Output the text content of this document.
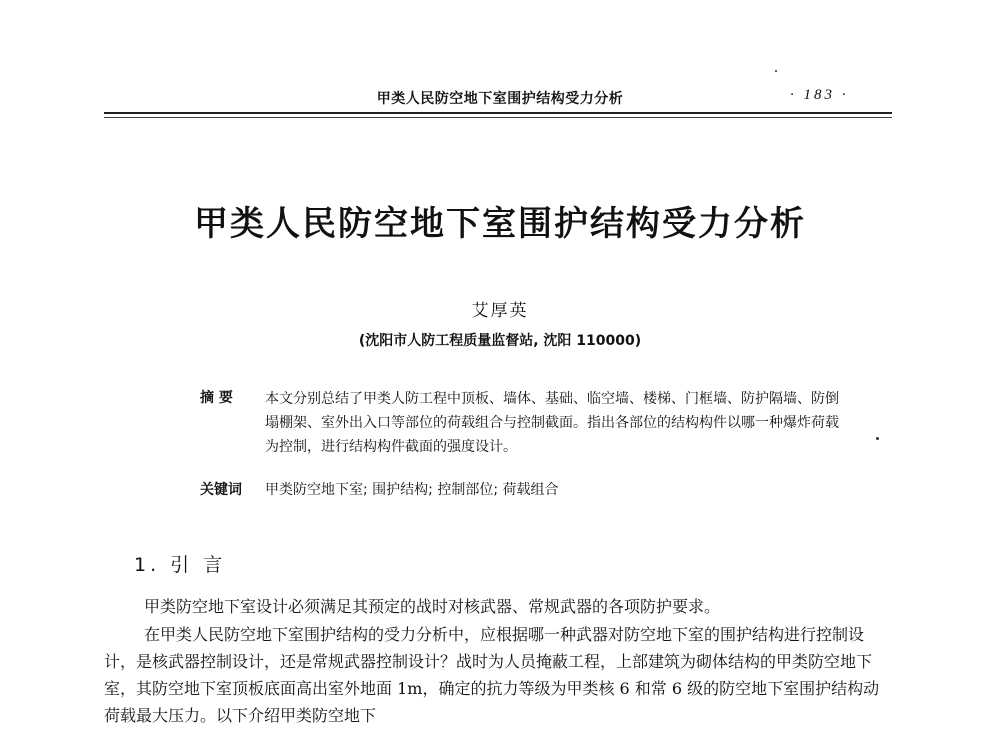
甲类人民防空地下室围护结构受力分析	· 183 ·
甲类人民防空地下室围护结构受力分析
艾厚英
(沈阳市人防工程质量监督站, 沈阳 110000)
摘 要 本文分别总结了甲类人防工程中顶板、墙体、基础、临空墙、楼梯、门框墙、防护隔墙、防倒塌棚架、室外出入口等部位的荷载组合与控制截面。指出各部位的结构构件以哪一种爆炸荷载为控制，进行结构构件截面的强度设计。
关键词 甲类防空地下室; 围护结构; 控制部位; 荷载组合
1. 引 言
甲类防空地下室设计必须满足其预定的战时对核武器、常规武器的各项防护要求。
在甲类人民防空地下室围护结构的受力分析中，应根据哪一种武器对防空地下室的围护结构进行控制设计，是核武器控制设计，还是常规武器控制设计？战时为人员掩蔽工程，上部建筑为砌体结构的甲类防空地下室，其防空地下室顶板底面高出室外地面 1m，确定的抗力等级为甲类核 6 和常 6 级的防空地下室围护结构动荷载最大压力。以下介绍甲类防空地下
